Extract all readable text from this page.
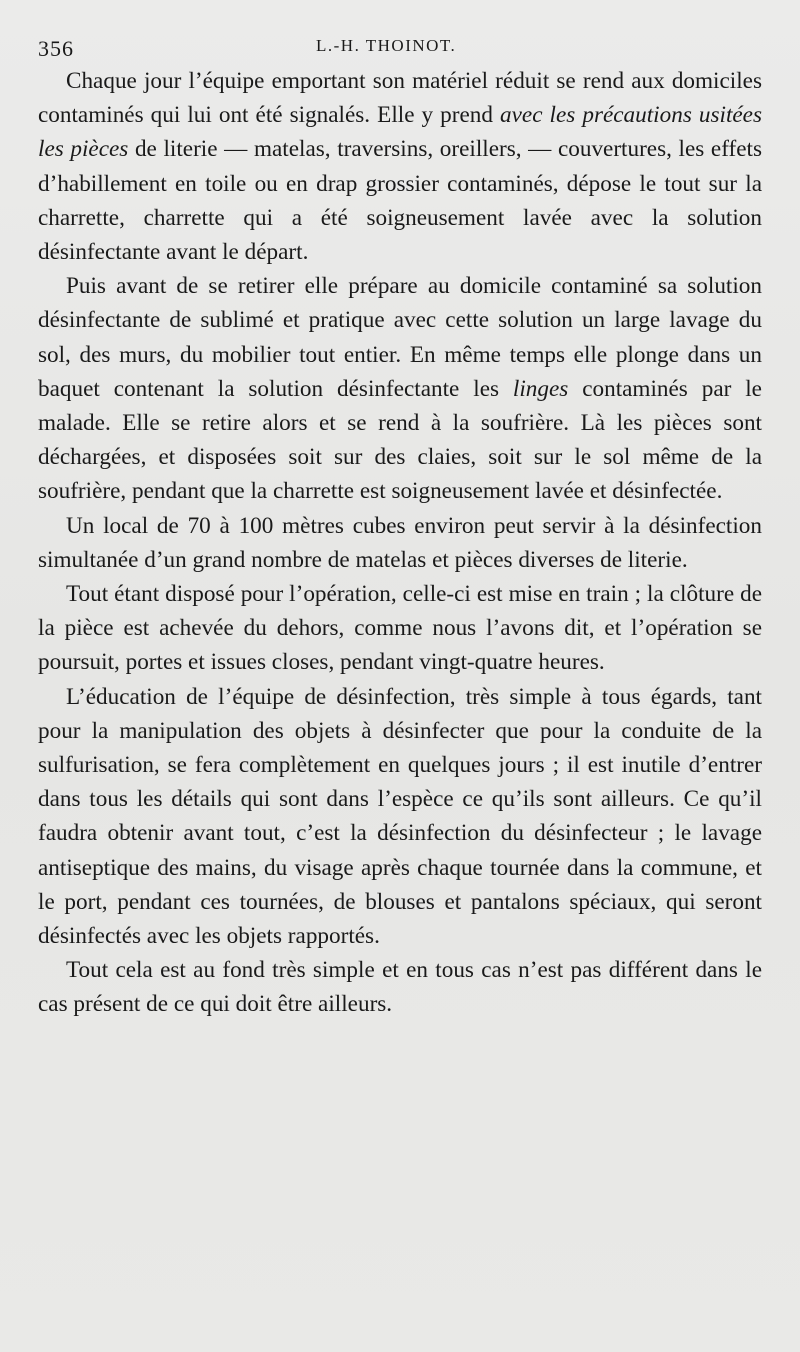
356	L.-H. THOINOT.

Chaque jour l’équipe emportant son matériel réduit se rend aux domiciles contaminés qui lui ont été signalés. Elle y prend avec les précautions usitées les pièces de literie — matelas, traversins, oreillers, — couvertures, les effets d’habillement en toile ou en drap grossier contaminés, dépose le tout sur la charrette, charrette qui a été soigneusement lavée avec la solution désinfectante avant le départ.

Puis avant de se retirer elle prépare au domicile contaminé sa solution désinfectante de sublimé et pratique avec cette solution un large lavage du sol, des murs, du mobilier tout entier. En même temps elle plonge dans un baquet contenant la solution désinfectante les linges contaminés par le malade. Elle se retire alors et se rend à la soufrière. Là les pièces sont déchargées, et disposées soit sur des claies, soit sur le sol même de la soufrière, pendant que la charrette est soigneusement lavée et désinfectée.

Un local de 70 à 100 mètres cubes environ peut servir à la désinfection simultanée d’un grand nombre de matelas et pièces diverses de literie.

Tout étant disposé pour l’opération, celle-ci est mise en train ; la clôture de la pièce est achevée du dehors, comme nous l’avons dit, et l’opération se poursuit, portes et issues closes, pendant vingt-quatre heures.

L’éducation de l’équipe de désinfection, très simple à tous égards, tant pour la manipulation des objets à désinfecter que pour la conduite de la sulfurisation, se fera complètement en quelques jours ; il est inutile d’entrer dans tous les détails qui sont dans l’espèce ce qu’ils sont ailleurs. Ce qu’il faudra obtenir avant tout, c’est la désinfection du désinfecteur ; le lavage antiseptique des mains, du visage après chaque tournée dans la commune, et le port, pendant ces tournées, de blouses et pantalons spéciaux, qui seront désinfectés avec les objets rapportés.

Tout cela est au fond très simple et en tous cas n’est pas différent dans le cas présent de ce qui doit être ailleurs.
